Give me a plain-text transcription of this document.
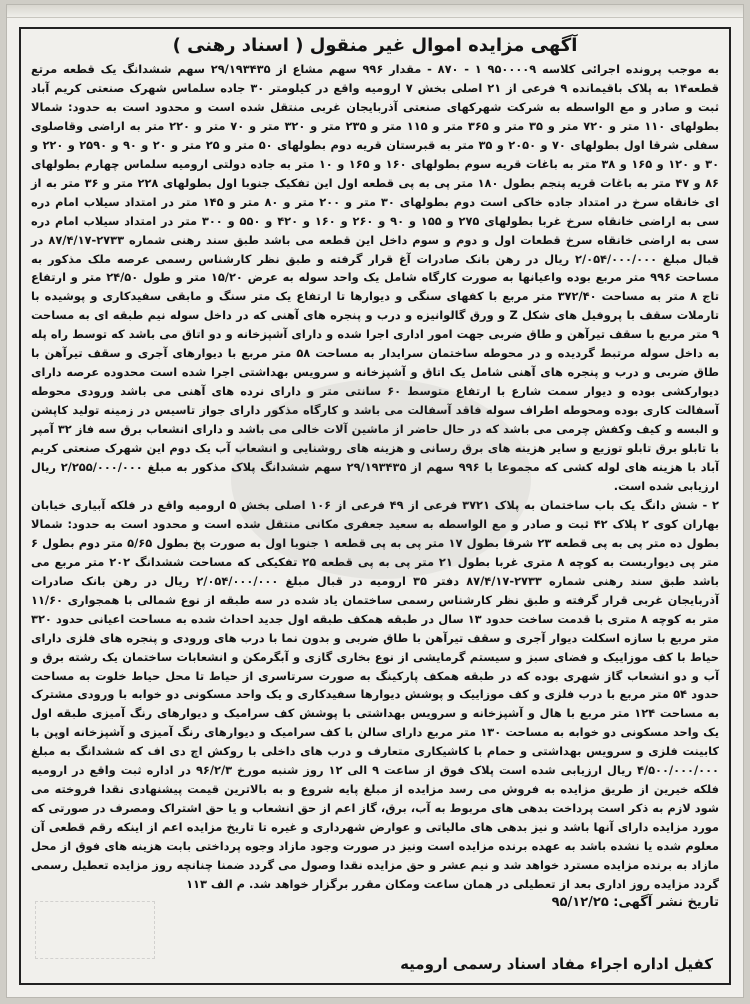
آگهی مزایده اموال غیر منقول ( اسناد رهنی )

به موجب پرونده اجرائی کلاسه ۹۵۰۰۰۰۹ ۱ - ۸۷۰ - مقدار ۹۹۶ سهم مشاع از ۲۹/۱۹۳۴۳۵ سهم ششدانگ یک قطعه مرتع قطعه۱۴ به پلاک باقیمانده ۹ فرعی از ۲۱ اصلی بخش ۷ ارومیه واقع در کیلومتر ۳۰ جاده سلماس شهرک صنعتی کریم آباد ثبت و صادر و مع الواسطه به شرکت شهرکهای صنعتی آذربایجان غربی منتقل شده است و محدود است به حدود: شمالا بطولهای ۱۱۰ متر و ۷۲۰ متر و ۳۵ متر و ۳۶۵ متر و ۱۱۵ متر و ۲۳۵ متر و ۳۲۰ متر و ۷۰ متر و ۲۲۰ متر به اراضی وقاصلوی سفلی شرقا اول بطولهای ۷۰ و ۲۰۵۰ و ۳۵ متر به قبرستان قریه دوم بطولهای ۵۰ متر و ۲۵ متر و ۲۰ و ۹۰ و ۲۵۹۰ و ۲۲۰ و ۳۰ و ۱۲۰ و ۱۶۵ و ۳۸ متر به باغات قریه سوم بطولهای ۱۶۰ و ۱۶۵ و ۱۰ متر به جاده دولتی ارومیه سلماس چهارم بطولهای ۸۶ و ۴۷ متر به باغات قریه پنجم بطول ۱۸۰ متر پی به پی قطعه اول این تفکیک جنوبا اول بطولهای ۲۲۸ متر و ۳۶ متر به از ای خانقاه سرخ در امتداد جاده خاکی است دوم بطولهای ۳۰ متر و ۲۰۰ متر و ۸۰ متر و ۱۴۵ متر در امتداد سیلاب امام دره سی به اراضی خانقاه سرخ غربا بطولهای ۲۷۵ و ۱۵۵ و ۹۰ و ۲۶۰ و ۱۶۰ و ۴۲۰ و ۵۵۰ و ۳۰۰ متر در امتداد سیلاب امام دره سی به اراضی خانقاه سرخ قطعات اول و دوم و سوم داخل این قطعه می باشد طبق سند رهنی شماره ۲۷۳۳-۸۷/۴/۱۷ در قبال مبلغ ۲/۰۵۴/۰۰۰/۰۰۰ ریال در رهن بانک صادرات آغ قرار گرفته و طبق نظر کارشناس رسمی عرصه ملک مذکور به مساحت ۹۹۶ متر مربع بوده واعیانها به صورت کارگاه شامل یک واحد سوله به عرض ۱۵/۲۰ متر و طول ۲۴/۵۰ متر و ارتفاع تاج ۸ متر به مساحت ۳۷۲/۴۰ متر مربع با کفهای سنگی و دیوارها تا ارتفاع یک متر سنگ و مابقی سفیدکاری و پوشیده با تارملات سقف با پروفیل های شکل Z و ورق گالوانیزه و درب و پنجره های آهنی که در داخل سوله نیم طبقه ای به مساحت ۹ متر مربع با سقف تیرآهن و طاق ضربی جهت امور اداری اجرا شده و دارای آشپزخانه و دو اتاق می باشد که توسط راه پله به داخل سوله مرتبط گردیده و در محوطه ساختمان سرایدار به مساحت ۵۸ متر مربع با دیوارهای آجری و سقف تیرآهن با طاق ضربی و درب و پنجره های آهنی شامل یک اتاق و آشپزخانه و سرویس بهداشتی اجرا شده است محدوده عرصه دارای دیوارکشی بوده و دیوار سمت شارع با ارتفاع متوسط ۶۰ سانتی متر و دارای نرده های آهنی می باشد ورودی محوطه آسفالت کاری بوده ومحوطه اطراف سوله فاقد آسفالت می باشد و کارگاه مذکور دارای جواز تاسیس در زمینه تولید کاپشن و البسه و کیف وکفش چرمی می باشد که در حال حاضر از ماشین آلات خالی می باشد و دارای انشعاب برق سه فاز ۳۲ آمپر با تابلو برق تابلو توزیع و سایر هزینه های برق رسانی و هزینه های روشنایی و انشعاب آب یک دوم این شهرک صنعتی کریم آباد با هزینه های لوله کشی که مجموعا با ۹۹۶ سهم از ۲۹/۱۹۳۴۳۵ سهم ششدانگ پلاک مذکور به مبلغ ۲/۲۵۵/۰۰۰/۰۰۰ ریال ارزیابی شده است.

۲ - شش دانگ یک باب ساختمان به پلاک ۳۷۲۱ فرعی از ۴۹ فرعی از ۱۰۶ اصلی بخش ۵ ارومیه واقع در فلکه آبیاری خیابان بهاران کوی ۲ پلاک ۴۲ ثبت و صادر و مع الواسطه به سعید جعفری مکانی منتقل شده است و محدود است به حدود: شمالا بطول ده متر پی به پی قطعه ۲۳ شرقا بطول ۱۷ متر پی به پی قطعه ۱ جنوبا اول به صورت پخ بطول ۵/۶۵ متر دوم بطول ۶ متر پی دیواربست به کوچه ۸ متری غربا بطول ۲۱ متر پی به پی قطعه ۲۵ تفکیکی که مساحت ششدانگ ۲۰۲ متر مربع می باشد طبق سند رهنی شماره ۲۷۳۳-۸۷/۴/۱۷ دفتر ۳۵ ارومیه در قبال مبلغ ۲/۰۵۴/۰۰۰/۰۰۰ ریال در رهن بانک صادرات آذربایجان غربی قرار گرفته و طبق نظر کارشناس رسمی ساختمان یاد شده در سه طبقه از نوع شمالی با همجواری ۱۱/۶۰ متر به کوچه ۸ متری با قدمت ساخت حدود ۱۳ سال در طبقه همکف طبقه اول جدید احداث شده به مساحت اعیانی حدود ۳۲۰ متر مربع با سازه اسکلت دیوار آجری و سقف تیرآهن با طاق ضربی و بدون نما با درب های ورودی و پنجره های فلزی دارای حیاط با کف موزاییک و فضای سبز و سیستم گرمایشی از نوع بخاری گازی و آبگرمکن و انشعابات ساختمان یک رشته برق و آب و دو انشعاب گاز شهری بوده که در طبقه همکف پارکینگ به صورت سرتاسری از حیاط تا محل حیاط خلوت به مساحت حدود ۵۴ متر مربع با درب فلزی و کف موزاییک و پوشش دیوارها سفیدکاری و یک واحد مسکونی دو خوابه با ورودی مشترک به مساحت ۱۲۴ متر مربع با هال و آشپزخانه و سرویس بهداشتی با پوشش کف سرامیک و دیوارهای رنگ آمیزی طبقه اول یک واحد مسکونی دو خوابه به مساحت ۱۳۰ متر مربع دارای سالن با کف سرامیک و دیوارهای رنگ آمیزی و آشپزخانه اوپن با کابینت فلزی و سرویس بهداشتی و حمام با کاشیکاری متعارف و درب های داخلی با روکش اچ دی اف که ششدانگ به مبلغ ۴/۵۰۰/۰۰۰/۰۰۰ ریال ارزیابی شده است پلاک فوق از ساعت ۹ الی ۱۲ روز شنبه مورخ ۹۶/۲/۳ در اداره ثبت واقع در ارومیه فلکه خیرین از طریق مزایده به فروش می رسد مزایده از مبلغ پایه شروع و به بالاترین قیمت پیشنهادی نقدا فروخته می شود لازم به ذکر است پرداخت بدهی های مربوط به آب، برق، گاز اعم از حق انشعاب و یا حق اشتراک ومصرف در صورتی که مورد مزایده دارای آنها باشد و نیز بدهی های مالیاتی و عوارض شهرداری و غیره تا تاریخ مزایده اعم از اینکه رقم قطعی آن معلوم شده یا نشده باشد به عهده برنده مزایده است ونیز در صورت وجود مازاد وجوه پرداختی بابت هزینه های فوق از محل مازاد به برنده مزایده مسترد خواهد شد و نیم عشر و حق مزایده نقدا وصول می گردد ضمنا چنانچه روز مزایده تعطیل رسمی گردد مزایده روز اداری بعد از تعطیلی در همان ساعت ومکان مقرر برگزار خواهد شد. م الف ۱۱۳

تاریخ نشر آگهی: ۹۵/۱۲/۲۵

کفیل اداره اجراء مفاد اسناد رسمی ارومیه
